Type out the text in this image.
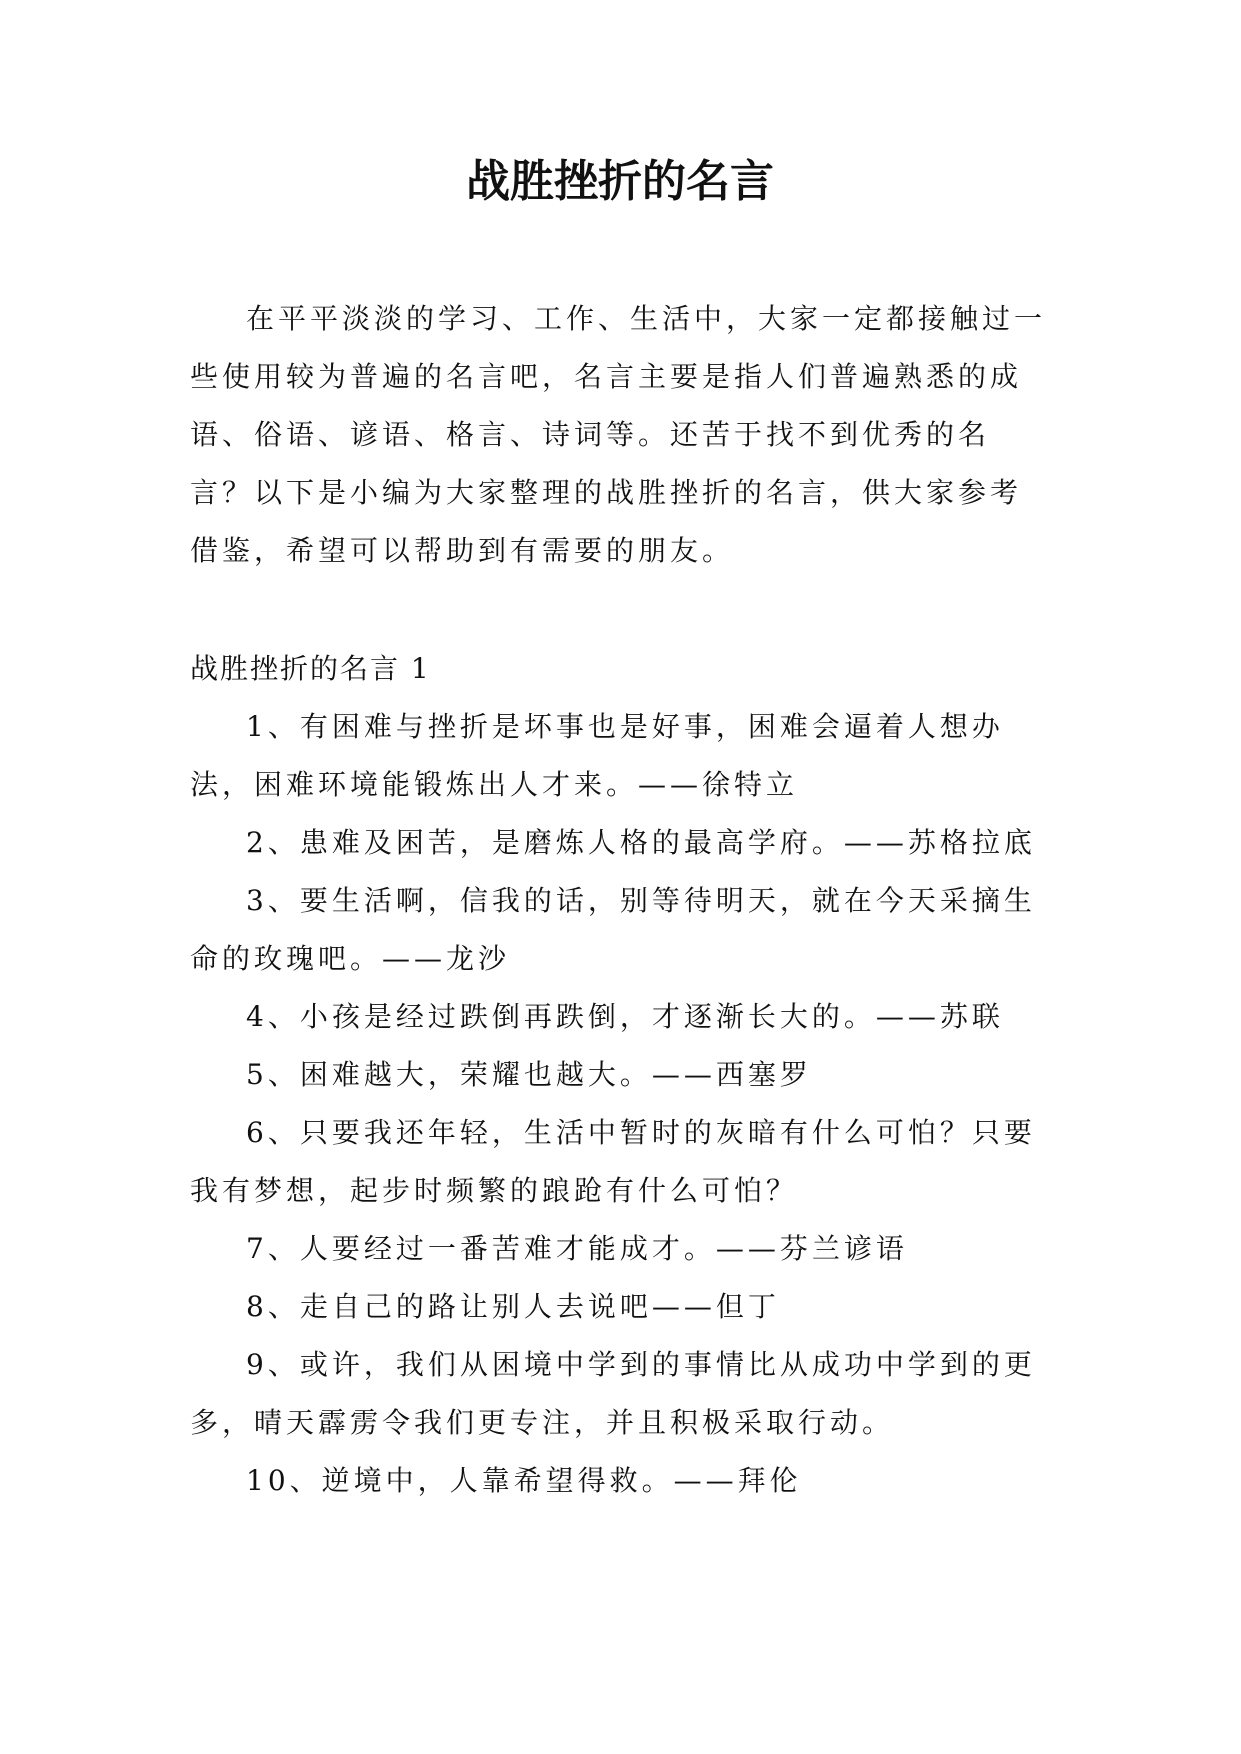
战胜挫折的名言

在平平淡淡的学习、工作、生活中，大家一定都接触过一些使用较为普遍的名言吧，名言主要是指人们普遍熟悉的成语、俗语、谚语、格言、诗词等。还苦于找不到优秀的名言？以下是小编为大家整理的战胜挫折的名言，供大家参考借鉴，希望可以帮助到有需要的朋友。

战胜挫折的名言 1

1、有困难与挫折是坏事也是好事，困难会逼着人想办法，困难环境能锻炼出人才来。——徐特立
2、患难及困苦，是磨炼人格的最高学府。——苏格拉底
3、要生活啊，信我的话，别等待明天，就在今天采摘生命的玫瑰吧。——龙沙
4、小孩是经过跌倒再跌倒，才逐渐长大的。——苏联
5、困难越大，荣耀也越大。——西塞罗
6、只要我还年轻，生活中暂时的灰暗有什么可怕？只要我有梦想，起步时频繁的踉跄有什么可怕？
7、人要经过一番苦难才能成才。——芬兰谚语
8、走自己的路让别人去说吧——但丁
9、或许，我们从困境中学到的事情比从成功中学到的更多，晴天霹雳令我们更专注，并且积极采取行动。
10、逆境中，人靠希望得救。——拜伦
